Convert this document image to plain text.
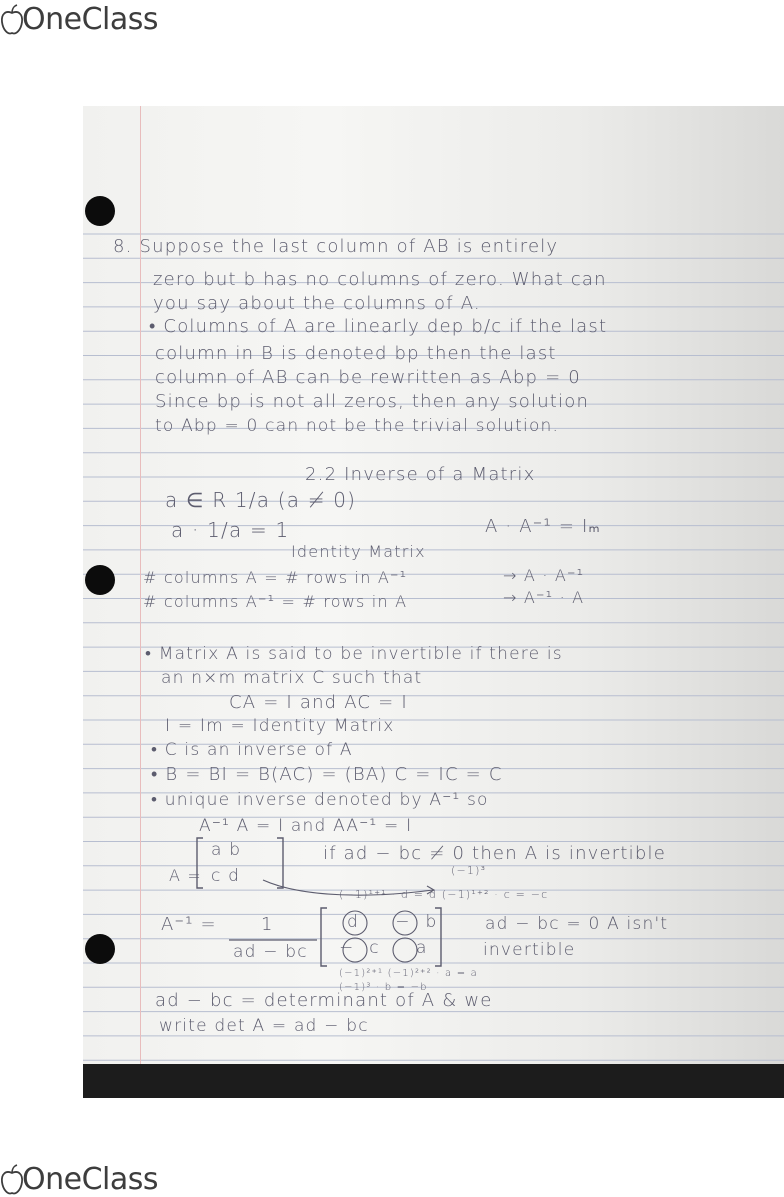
OneClass
8. Suppose the last column of AB is entirely
zero but b has no columns of zero. What can
you say about the columns of A.
• Columns of A are linearly dep b/c if the last
column in B is denoted bp then the last
column of AB can be rewritten as Abp = 0
Since bp is not all zeros, then any solution
to Abp = 0 can not be the trivial solution.
2.2 Inverse of a Matrix
a ∈ R 1/a (a ≠ 0)
a · 1/a = 1	A · A⁻¹ = Iₘ
Identity Matrix
# columns A = # rows in A⁻¹	→ A · A⁻¹
# columns A⁻¹ = # rows in A	→ A⁻¹ · A
• Matrix A is said to be invertible if there is
an n×m matrix C such that
CA = I and AC = I
I = Im = Identity Matrix
• C is an inverse of A
• B = BI = B(AC) = (BA) C = IC = C
• unique inverse denoted by A⁻¹ so
A⁻¹ A = I and AA⁻¹ = I
A =
a b
c d
if ad − bc ≠ 0 then A is invertible
(−1)³
(−1)¹⁺¹ · d = d (−1)¹⁺² · c = −c
A⁻¹ = 1
ad − bc
d −b
−c a
ad − bc = 0 A isn't
invertible
(−1)²⁺¹ (−1)²⁺² · a = a
(−1)³ · b = −b
ad − bc = determinant of A & we
write det A = ad − bc
OneClass
